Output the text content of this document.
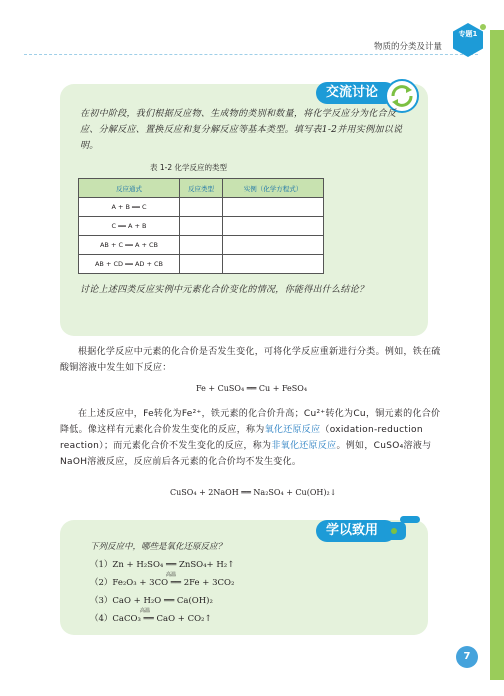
物质的分类及计量
专题1
交流讨论
在初中阶段，我们根据反应物、生成物的类别和数量，将化学反应分为化合反应、分解反应、置换反应和复分解反应等基本类型。填写表1-2并用实例加以说明。
表 1-2 化学反应的类型
反应通式	反应类型	实例（化学方程式）
A + B ══ C		
C ══ A + B		
AB + C ══ A + CB		
AB + CD ══ AD + CB		
讨论上述四类反应实例中元素化合价变化的情况，你能得出什么结论？
根据化学反应中元素的化合价是否发生变化，可将化学反应重新进行分类。例如，铁在硫酸铜溶液中发生如下反应：
Fe + CuSO₄ ══ Cu + FeSO₄
在上述反应中，Fe转化为Fe²⁺，铁元素的化合价升高；Cu²⁺转化为Cu，铜元素的化合价降低。像这样有元素化合价发生变化的反应，称为氧化还原反应（oxidation-reduction reaction）；而元素化合价不发生变化的反应，称为非氧化还原反应。例如，CuSO₄溶液与NaOH溶液反应，反应前后各元素的化合价均不发生变化。
CuSO₄ + 2NaOH ══ Na₂SO₄ + Cu(OH)₂↓
学以致用
下列反应中，哪些是氧化还原反应？
（1）Zn + H₂SO₄ ══ ZnSO₄+ H₂↑
（2）Fe₂O₃ + 3CO ══ 2Fe + 3CO₂
高温
（3）CaO + H₂O ══ Ca(OH)₂
（4）CaCO₃ ══ CaO + CO₂↑
高温
7
